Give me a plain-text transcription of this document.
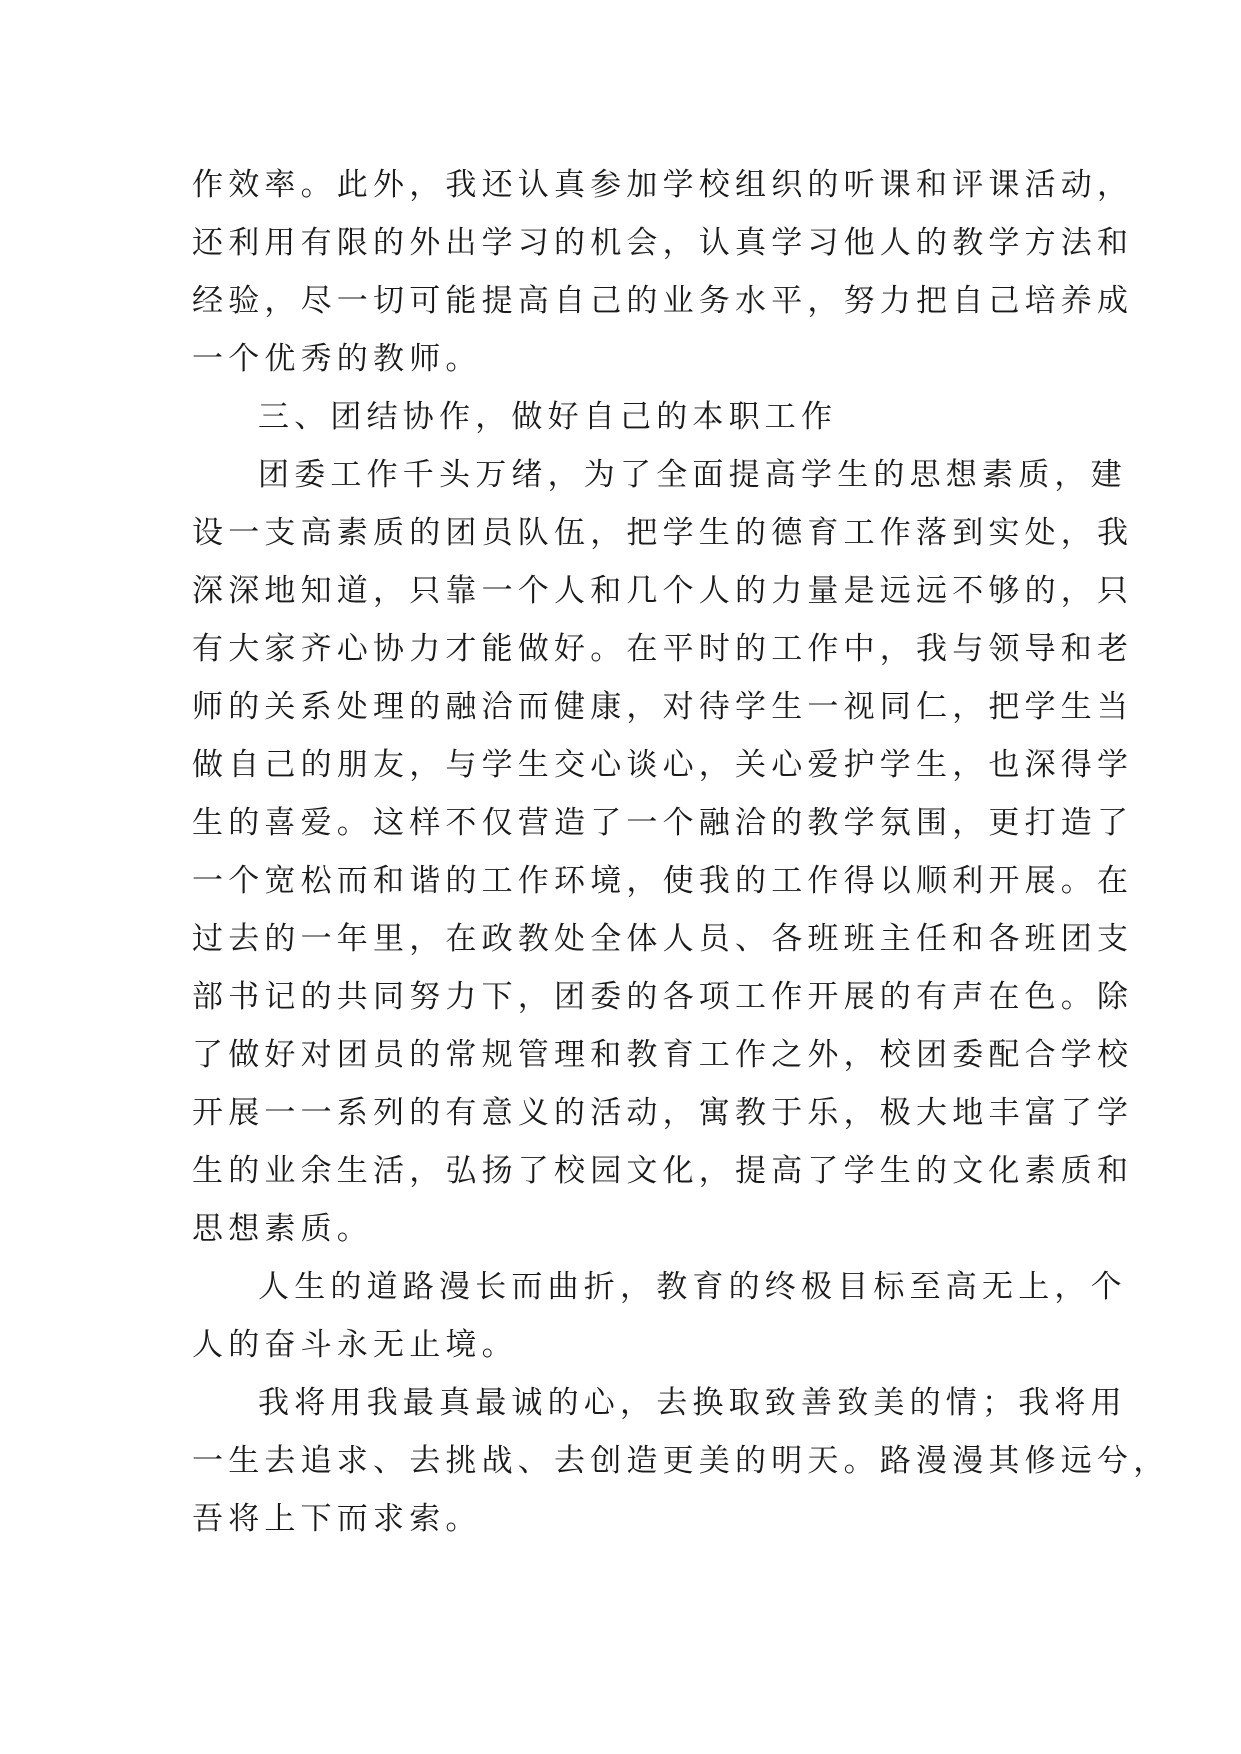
作效率。此外，我还认真参加学校组织的听课和评课活动，
还利用有限的外出学习的机会，认真学习他人的教学方法和
经验，尽一切可能提高自己的业务水平，努力把自己培养成
一个优秀的教师。
三、团结协作，做好自己的本职工作
团委工作千头万绪，为了全面提高学生的思想素质，建
设一支高素质的团员队伍，把学生的德育工作落到实处，我
深深地知道，只靠一个人和几个人的力量是远远不够的，只
有大家齐心协力才能做好。在平时的工作中，我与领导和老
师的关系处理的融洽而健康，对待学生一视同仁，把学生当
做自己的朋友，与学生交心谈心，关心爱护学生，也深得学
生的喜爱。这样不仅营造了一个融洽的教学氛围，更打造了
一个宽松而和谐的工作环境，使我的工作得以顺利开展。在
过去的一年里，在政教处全体人员、各班班主任和各班团支
部书记的共同努力下，团委的各项工作开展的有声在色。除
了做好对团员的常规管理和教育工作之外，校团委配合学校
开展一一系列的有意义的活动，寓教于乐，极大地丰富了学
生的业余生活，弘扬了校园文化，提高了学生的文化素质和
思想素质。
人生的道路漫长而曲折，教育的终极目标至高无上，个
人的奋斗永无止境。
我将用我最真最诚的心，去换取致善致美的情；我将用
一生去追求、去挑战、去创造更美的明天。路漫漫其修远兮，
吾将上下而求索。
